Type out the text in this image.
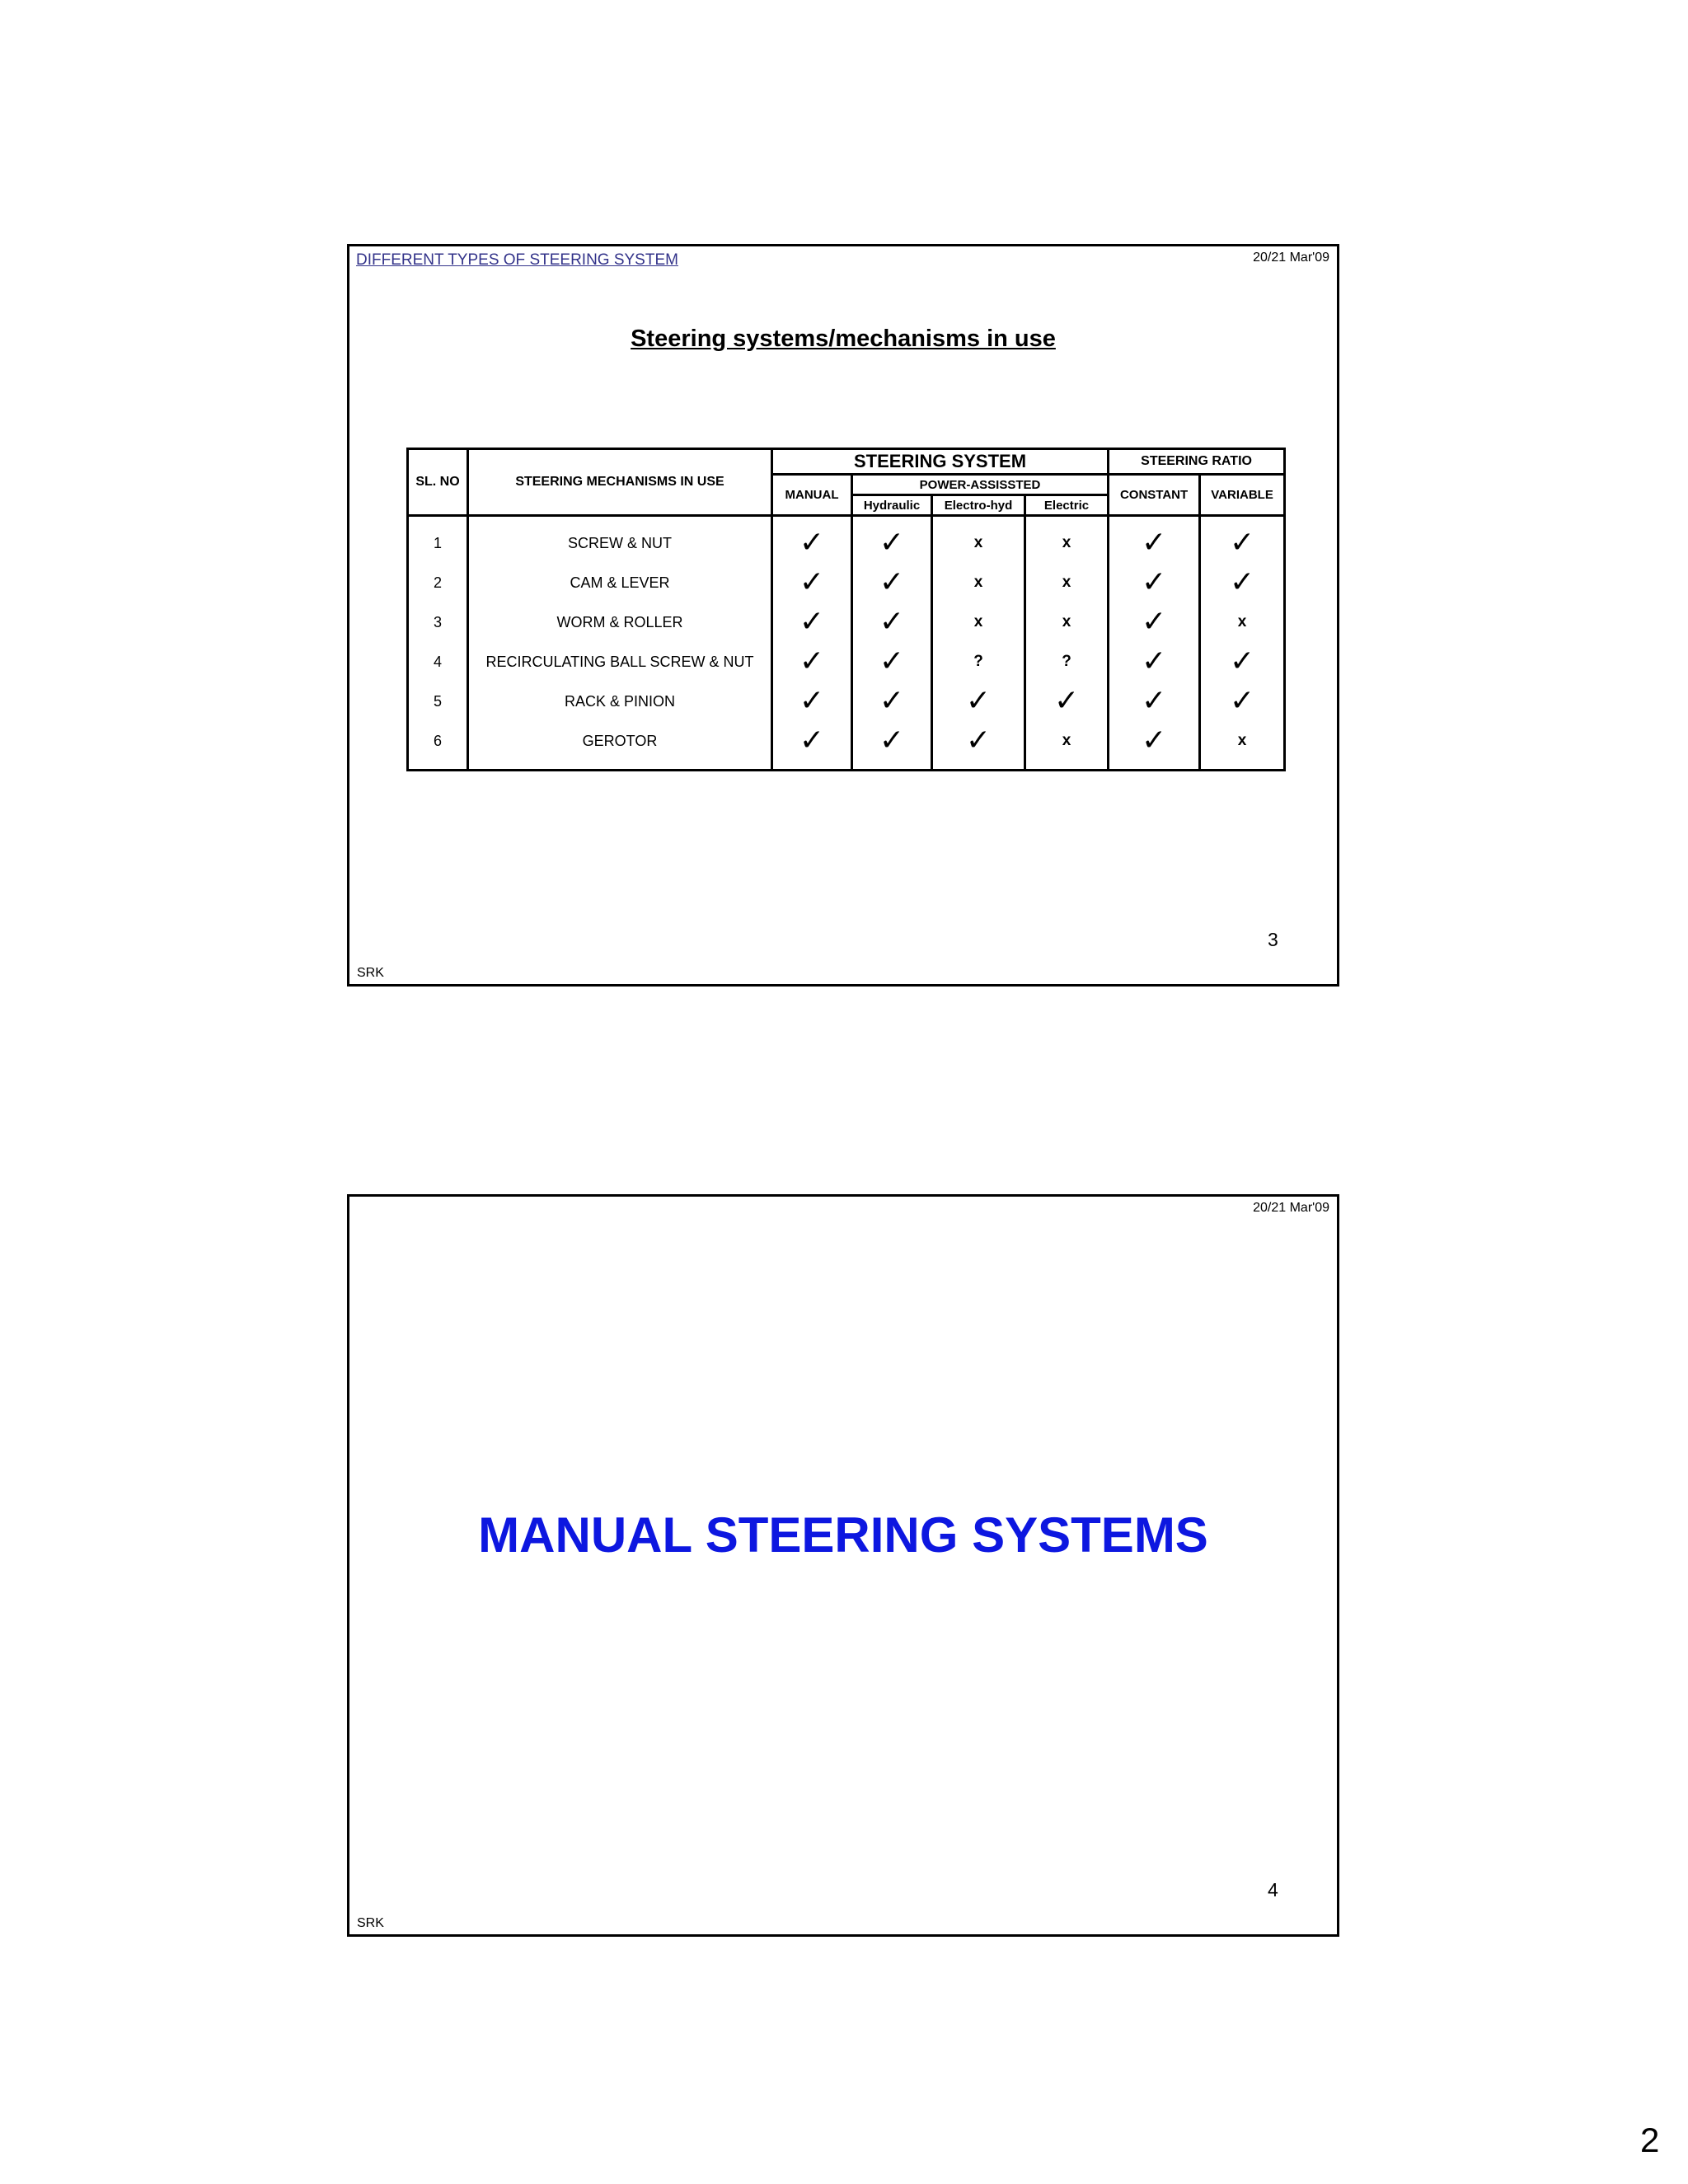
DIFFERENT TYPES OF STEERING SYSTEM	20/21 Mar'09
Steering systems/mechanisms in use
SL. NO	STEERING MECHANISMS IN USE	STEERING SYSTEM				STEERING RATIO	
		MANUAL	POWER-ASSISSTED			CONSTANT	VARIABLE
			Hydraulic	Electro-hyd	Electric		
1	SCREW & NUT	✓	✓	x	x	✓	✓
2	CAM & LEVER	✓	✓	x	x	✓	✓
3	WORM & ROLLER	✓	✓	x	x	✓	x
4	RECIRCULATING BALL SCREW & NUT	✓	✓	?	?	✓	✓
5	RACK & PINION	✓	✓	✓	✓	✓	✓
6	GEROTOR	✓	✓	✓	x	✓	x
3
SRK
20/21 Mar'09
MANUAL STEERING SYSTEMS
4
SRK
2
